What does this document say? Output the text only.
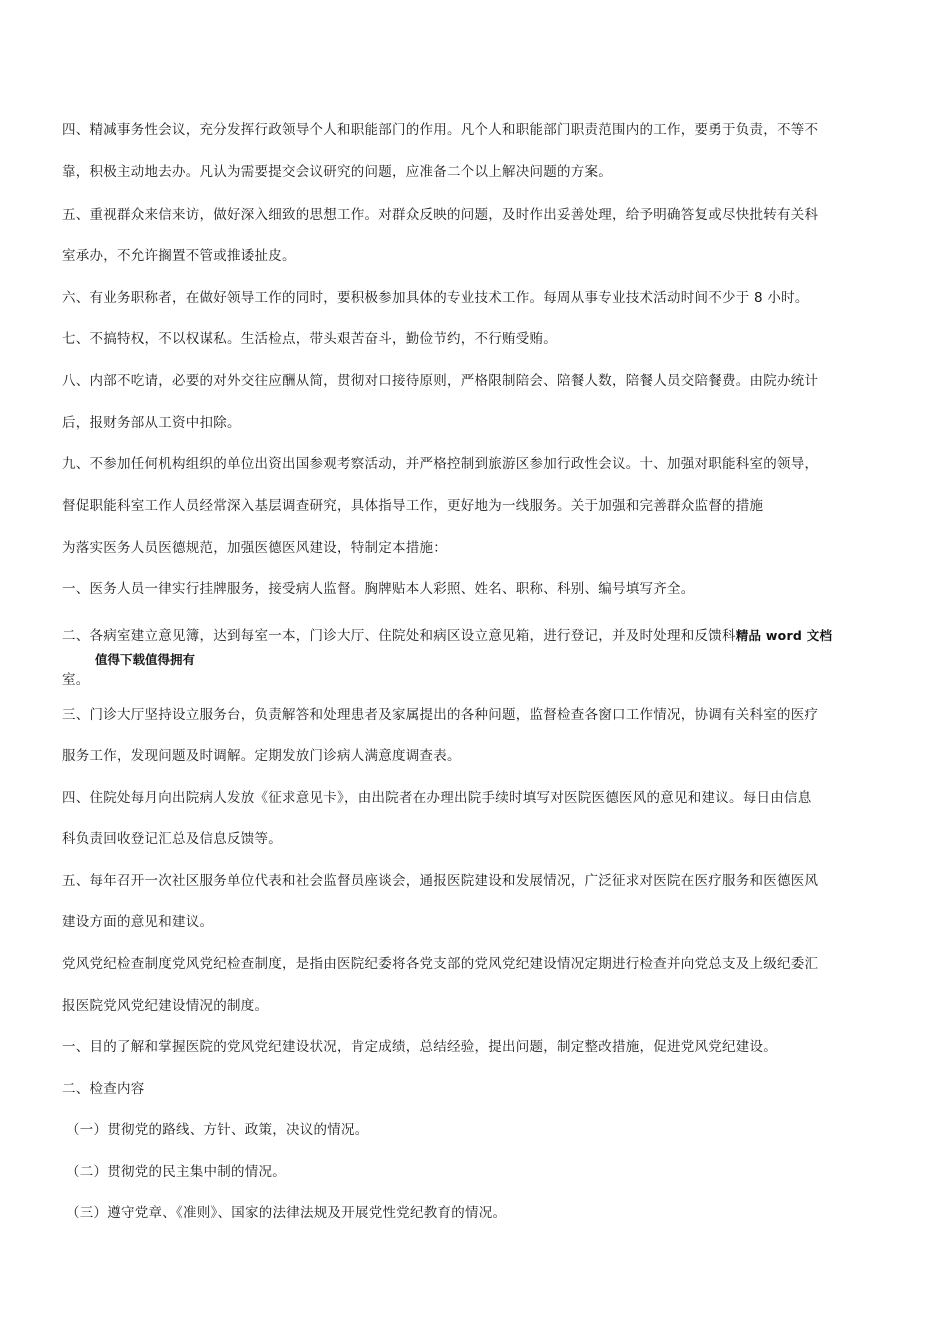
四、精减事务性会议，充分发挥行政领导个人和职能部门的作用。凡个人和职能部门职责范围内的工作，要勇于负责，不等不
靠，积极主动地去办。凡认为需要提交会议研究的问题，应准备二个以上解决问题的方案。
五、重视群众来信来访，做好深入细致的思想工作。对群众反映的问题，及时作出妥善处理，给予明确答复或尽快批转有关科
室承办，不允许搁置不管或推诿扯皮。
六、有业务职称者，在做好领导工作的同时，要积极参加具体的专业技术工作。每周从事专业技术活动时间不少于 8 小时。
七、不搞特权，不以权谋私。生活检点，带头艰苦奋斗，勤俭节约，不行贿受贿。
八、内部不吃请，必要的对外交往应酬从简，贯彻对口接待原则，严格限制陪会、陪餐人数，陪餐人员交陪餐费。由院办统计
后，报财务部从工资中扣除。
九、不参加任何机构组织的单位出资出国参观考察活动，并严格控制到旅游区参加行政性会议。十、加强对职能科室的领导，
督促职能科室工作人员经常深入基层调查研究，具体指导工作，更好地为一线服务。关于加强和完善群众监督的措施
为落实医务人员医德规范，加强医德医风建设，特制定本措施：
一、医务人员一律实行挂牌服务，接受病人监督。胸牌贴本人彩照、姓名、职称、科别、编号填写齐全。
二、各病室建立意见簿，达到每室一本，门诊大厅、住院处和病区设立意见箱，进行登记，并及时处理和反馈科精品 word 文档
值得下载值得拥有
室。
三、门诊大厅坚持设立服务台，负责解答和处理患者及家属提出的各种问题，监督检查各窗口工作情况，协调有关科室的医疗
服务工作，发现问题及时调解。定期发放门诊病人满意度调查表。
四、住院处每月向出院病人发放《征求意见卡》，由出院者在办理出院手续时填写对医院医德医风的意见和建议。每日由信息
科负责回收登记汇总及信息反馈等。
五、每年召开一次社区服务单位代表和社会监督员座谈会，通报医院建设和发展情况，广泛征求对医院在医疗服务和医德医风
建设方面的意见和建议。
党风党纪检查制度党风党纪检查制度，是指由医院纪委将各党支部的党风党纪建设情况定期进行检查并向党总支及上级纪委汇
报医院党风党纪建设情况的制度。
一、目的了解和掌握医院的党风党纪建设状况，肯定成绩，总结经验，提出问题，制定整改措施，促进党风党纪建设。
二、检查内容
（一）贯彻党的路线、方针、政策，决议的情况。
（二）贯彻党的民主集中制的情况。
（三）遵守党章、《准则》、国家的法律法规及开展党性党纪教育的情况。
